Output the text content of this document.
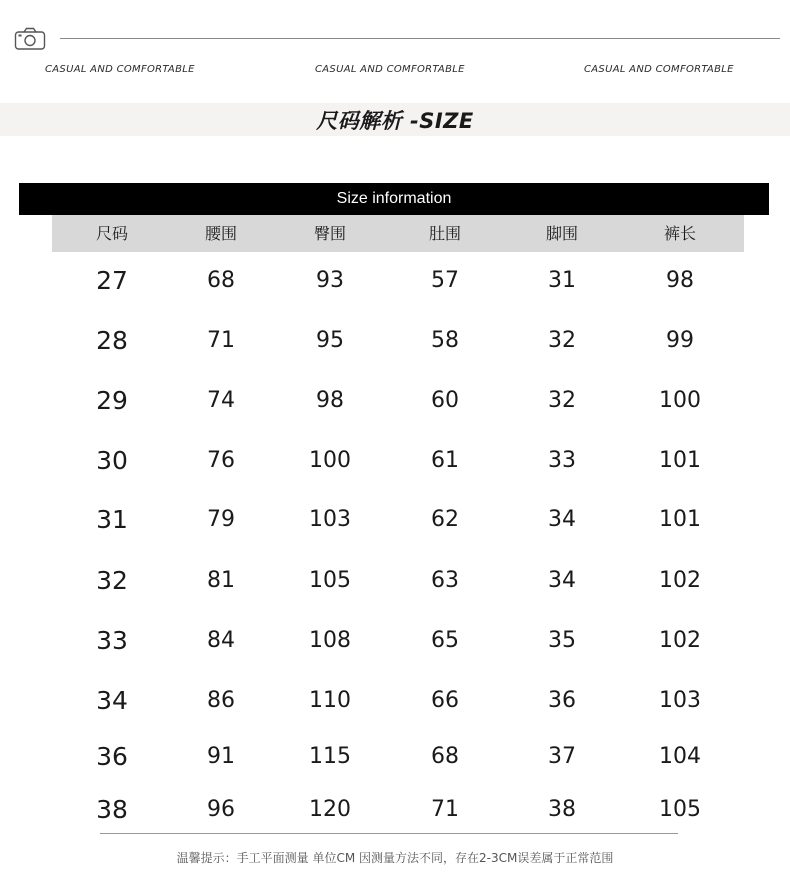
CASUAL AND COMFORTABLE	CASUAL AND COMFORTABLE	CASUAL AND COMFORTABLE
尺码解析 -SIZE
Size information
尺码	腰围	臀围	肚围	脚围	裤长
27	68	93	57	31	98
28	71	95	58	32	99
29	74	98	60	32	100
30	76	100	61	33	101
31	79	103	62	34	101
32	81	105	63	34	102
33	84	108	65	35	102
34	86	110	66	36	103
36	91	115	68	37	104
38	96	120	71	38	105
温馨提示：手工平面测量 单位CM 因测量方法不同，存在2-3CM误差属于正常范围
